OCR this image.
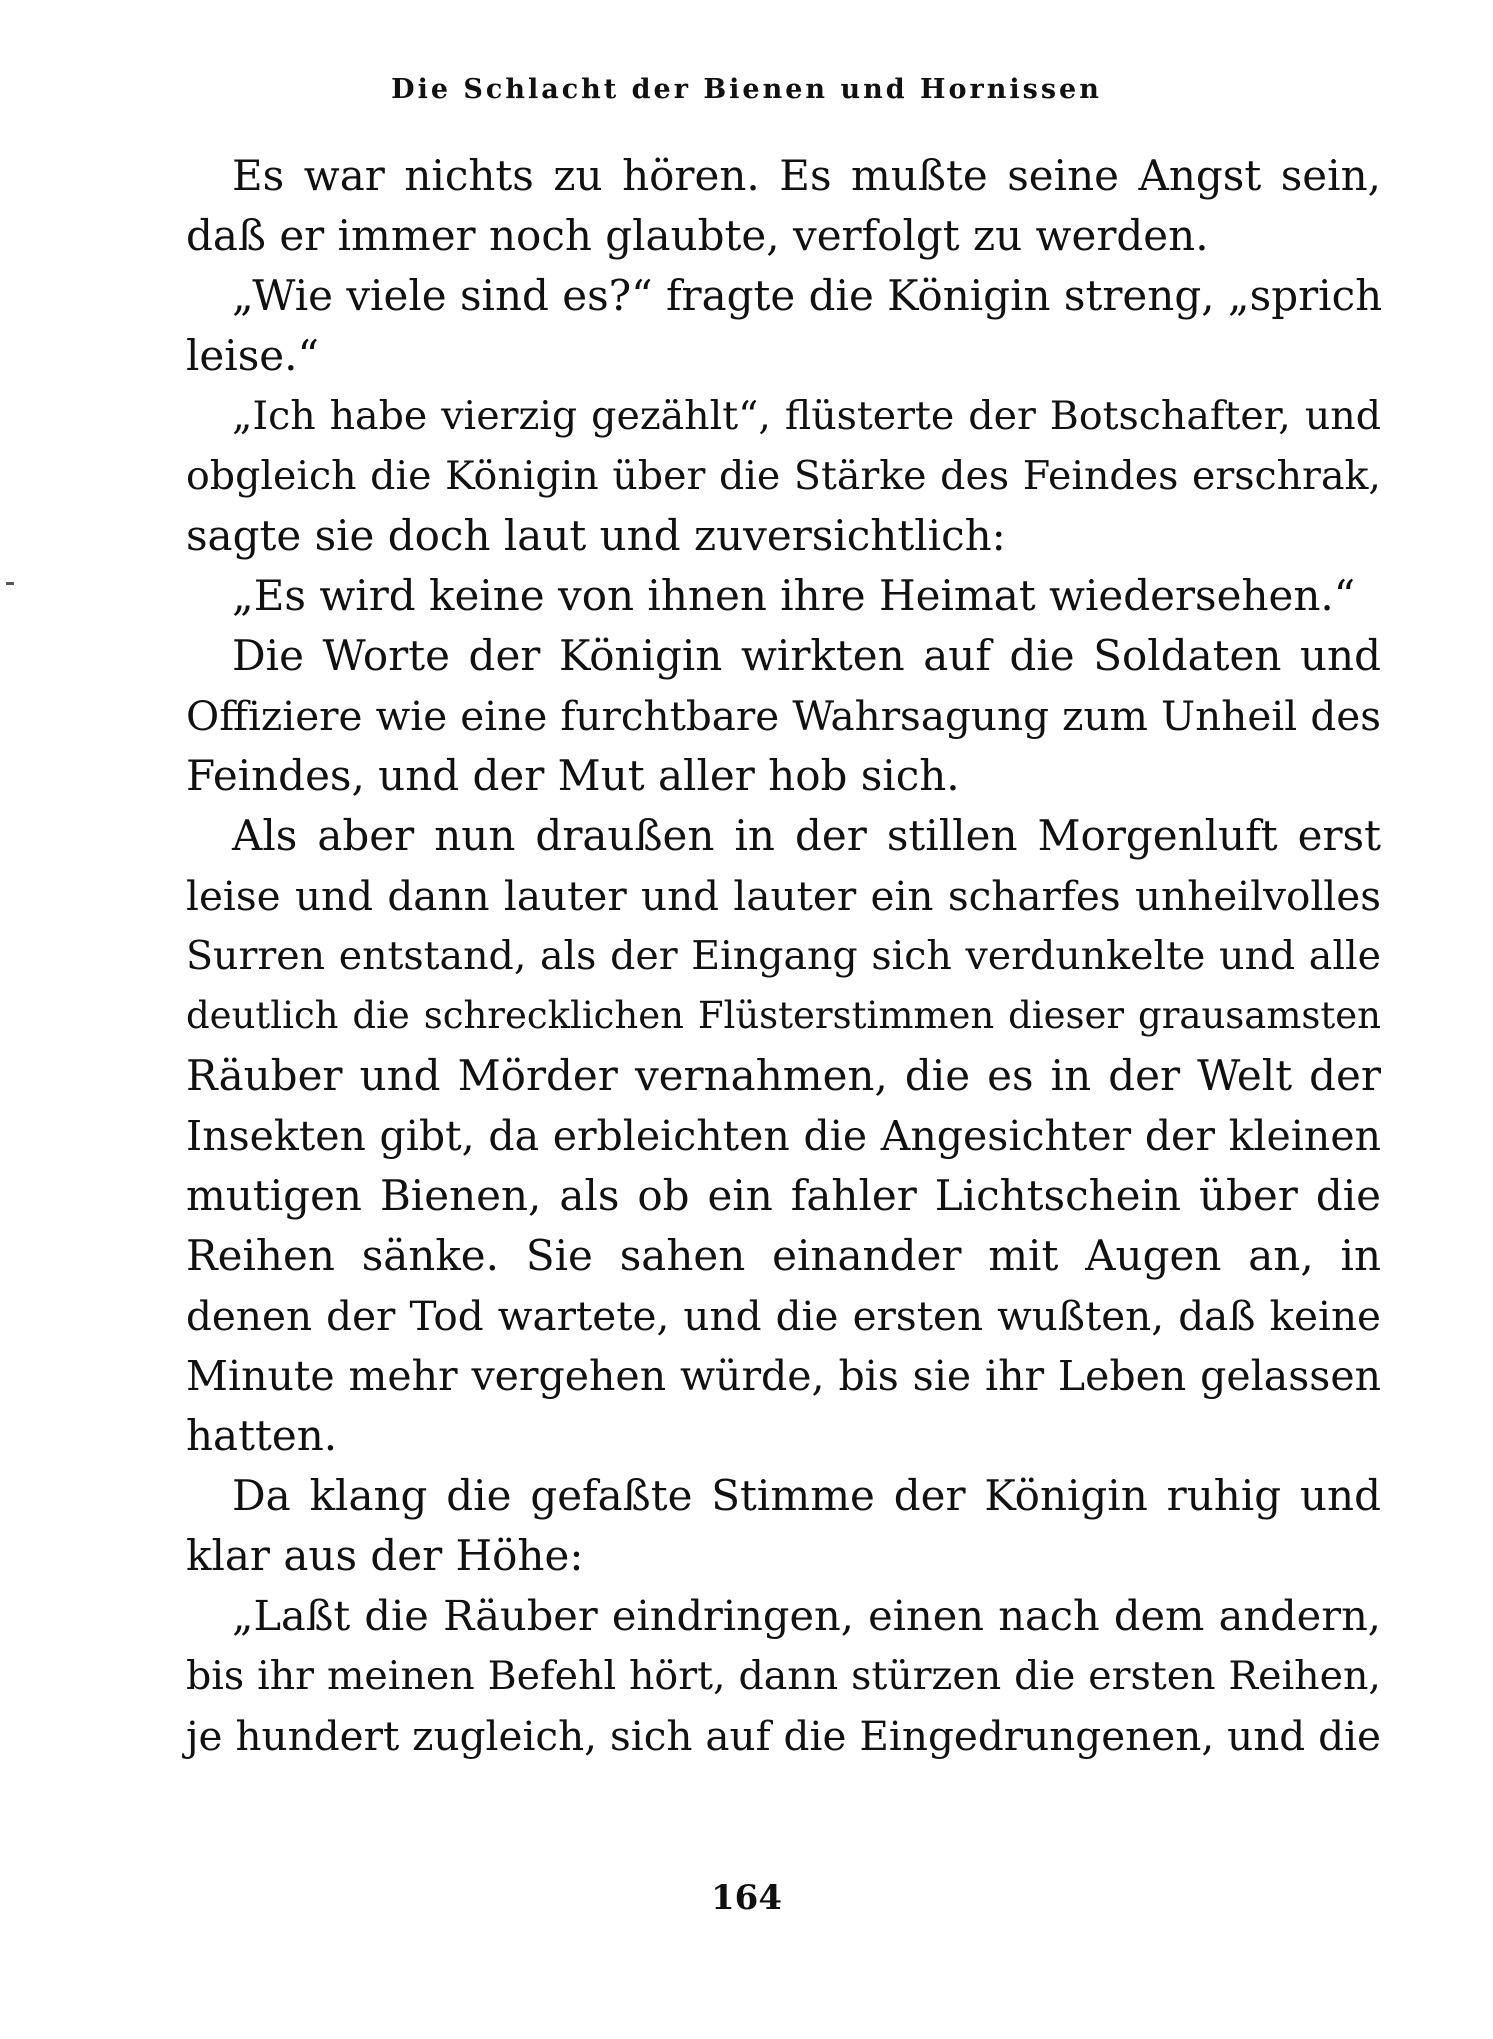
Die Schlacht der Bienen und Hornissen
Es war nichts zu hören. Es mußte seine Angst sein,
daß er immer noch glaubte, verfolgt zu werden.
„Wie viele sind es?“ fragte die Königin streng, „sprich
leise.“
„Ich habe vierzig gezählt“, flüsterte der Botschafter, und
obgleich die Königin über die Stärke des Feindes erschrak,
sagte sie doch laut und zuversichtlich:
„Es wird keine von ihnen ihre Heimat wiedersehen.“
Die Worte der Königin wirkten auf die Soldaten und
Offiziere wie eine furchtbare Wahrsagung zum Unheil des
Feindes, und der Mut aller hob sich.
Als aber nun draußen in der stillen Morgenluft erst
leise und dann lauter und lauter ein scharfes unheilvolles
Surren entstand, als der Eingang sich verdunkelte und alle
deutlich die schrecklichen Flüsterstimmen dieser grausamsten
Räuber und Mörder vernahmen, die es in der Welt der
Insekten gibt, da erbleichten die Angesichter der kleinen
mutigen Bienen, als ob ein fahler Lichtschein über die
Reihen sänke. Sie sahen einander mit Augen an, in
denen der Tod wartete, und die ersten wußten, daß keine
Minute mehr vergehen würde, bis sie ihr Leben gelassen
hatten.
Da klang die gefaßte Stimme der Königin ruhig und
klar aus der Höhe:
„Laßt die Räuber eindringen, einen nach dem andern,
bis ihr meinen Befehl hört, dann stürzen die ersten Reihen,
je hundert zugleich, sich auf die Eingedrungenen, und die
164
